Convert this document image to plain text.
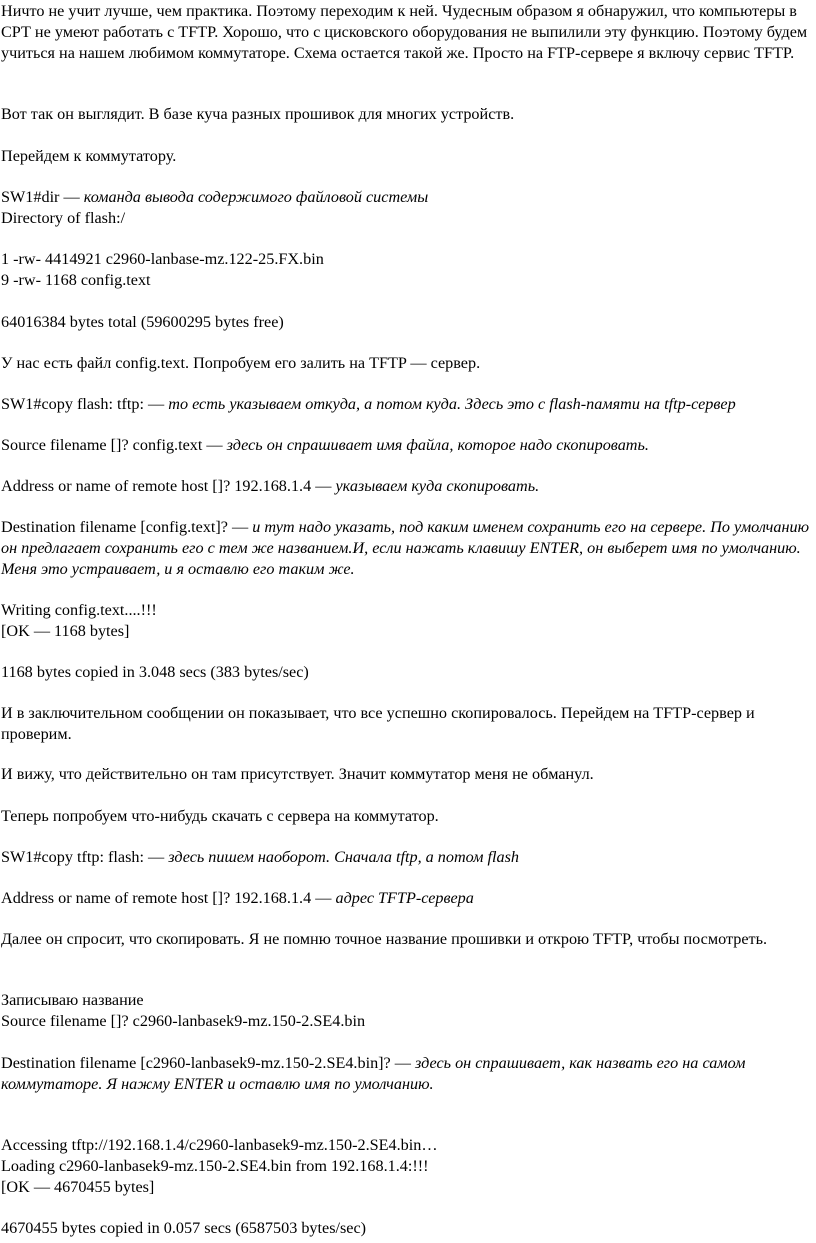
Ничто не учит лучше, чем практика. Поэтому переходим к ней. Чудесным образом я обнаружил, что компьютеры в СРТ не умеют работать с TFTP. Хорошо, что с цисковского оборудования не выпилили эту функцию. Поэтому будем учиться на нашем любимом коммутаторе. Схема остается такой же. Просто на FTP-сервере я включу сервис TFTP.

Вот так он выглядит. В базе куча разных прошивок для многих устройств.

Перейдем к коммутатору.

SW1#dir — команда вывода содержимого файловой системы

Directory of flash:/

1 -rw- 4414921 c2960-lanbase-mz.122-25.FX.bin

9 -rw- 1168 config.text

64016384 bytes total (59600295 bytes free)

У нас есть файл config.text. Попробуем его залить на TFTP — сервер.

SW1#copy flash: tftp: — то есть указываем откуда, а потом куда. Здесь это с flash-памяти на tftp-сервер

Source filename []? config.text — здесь он спрашивает имя файла, которое надо скопировать.

Address or name of remote host []? 192.168.1.4 — указываем куда скопировать.

Destination filename [config.text]? — и тут надо указать, под каким именем сохранить его на сервере. По умолчанию он предлагает сохранить его с тем же названием.И, если нажать клавишу ENTER, он выберет имя по умолчанию. Меня это устраивает, и я оставлю его таким же.

Writing config.text....!!!

[OK — 1168 bytes]

1168 bytes copied in 3.048 secs (383 bytes/sec)

И в заключительном сообщении он показывает, что все успешно скопировалось. Перейдем на TFTP-сервер и проверим.

И вижу, что действительно он там присутствует. Значит коммутатор меня не обманул.

Теперь попробуем что-нибудь скачать с сервера на коммутатор.

SW1#copy tftp: flash: — здесь пишем наоборот. Сначала tftp, а потом flash

Address or name of remote host []? 192.168.1.4 — адрес TFTP-сервера

Далее он спросит, что скопировать. Я не помню точное название прошивки и открою TFTP, чтобы посмотреть.

Записываю название

Source filename []? c2960-lanbasek9-mz.150-2.SE4.bin

Destination filename [c2960-lanbasek9-mz.150-2.SE4.bin]? — здесь он спрашивает, как назвать его на самом коммутаторе. Я нажму ENTER и оставлю имя по умолчанию.

Accessing tftp://192.168.1.4/c2960-lanbasek9-mz.150-2.SE4.bin…

Loading c2960-lanbasek9-mz.150-2.SE4.bin from 192.168.1.4:!!!

[OK — 4670455 bytes]

4670455 bytes copied in 0.057 secs (6587503 bytes/sec)
